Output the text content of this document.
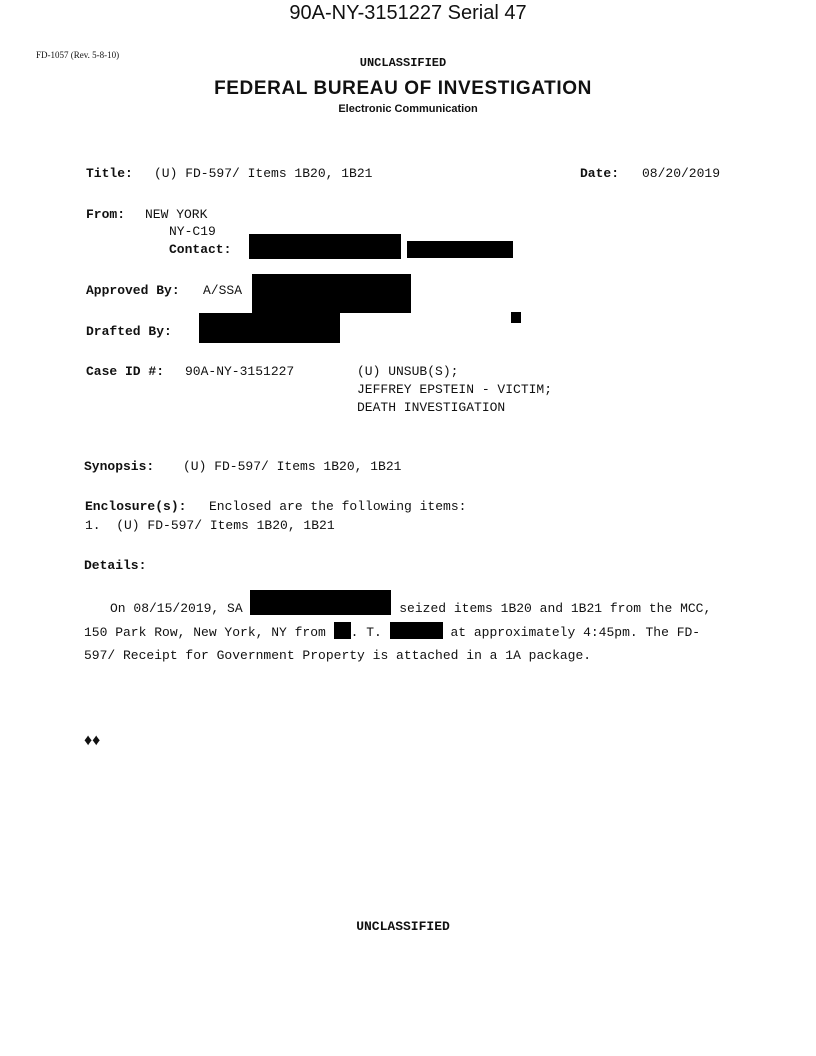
90A-NY-3151227 Serial 47
FD-1057 (Rev. 5-8-10)
UNCLASSIFIED
FEDERAL BUREAU OF INVESTIGATION
Electronic Communication
Title: (U) FD-597/ Items 1B20, 1B21	Date: 08/20/2019
From: NEW YORK
NY-C19
Contact:
Approved By: A/SSA
Drafted By:
Case ID #: 90A-NY-3151227	(U) UNSUB(S);
JEFFREY EPSTEIN - VICTIM;
DEATH INVESTIGATION
Synopsis: (U) FD-597/ Items 1B20, 1B21
Enclosure(s): Enclosed are the following items:
1.  (U) FD-597/ Items 1B20, 1B21
Details:
On 08/15/2019, SA	seized items 1B20 and 1B21 from the MCC, 150 Park Row, New York, NY from . T.	at approximately 4:45pm. The FD-597/ Receipt for Government Property is attached in a 1A package.
♦♦
UNCLASSIFIED
